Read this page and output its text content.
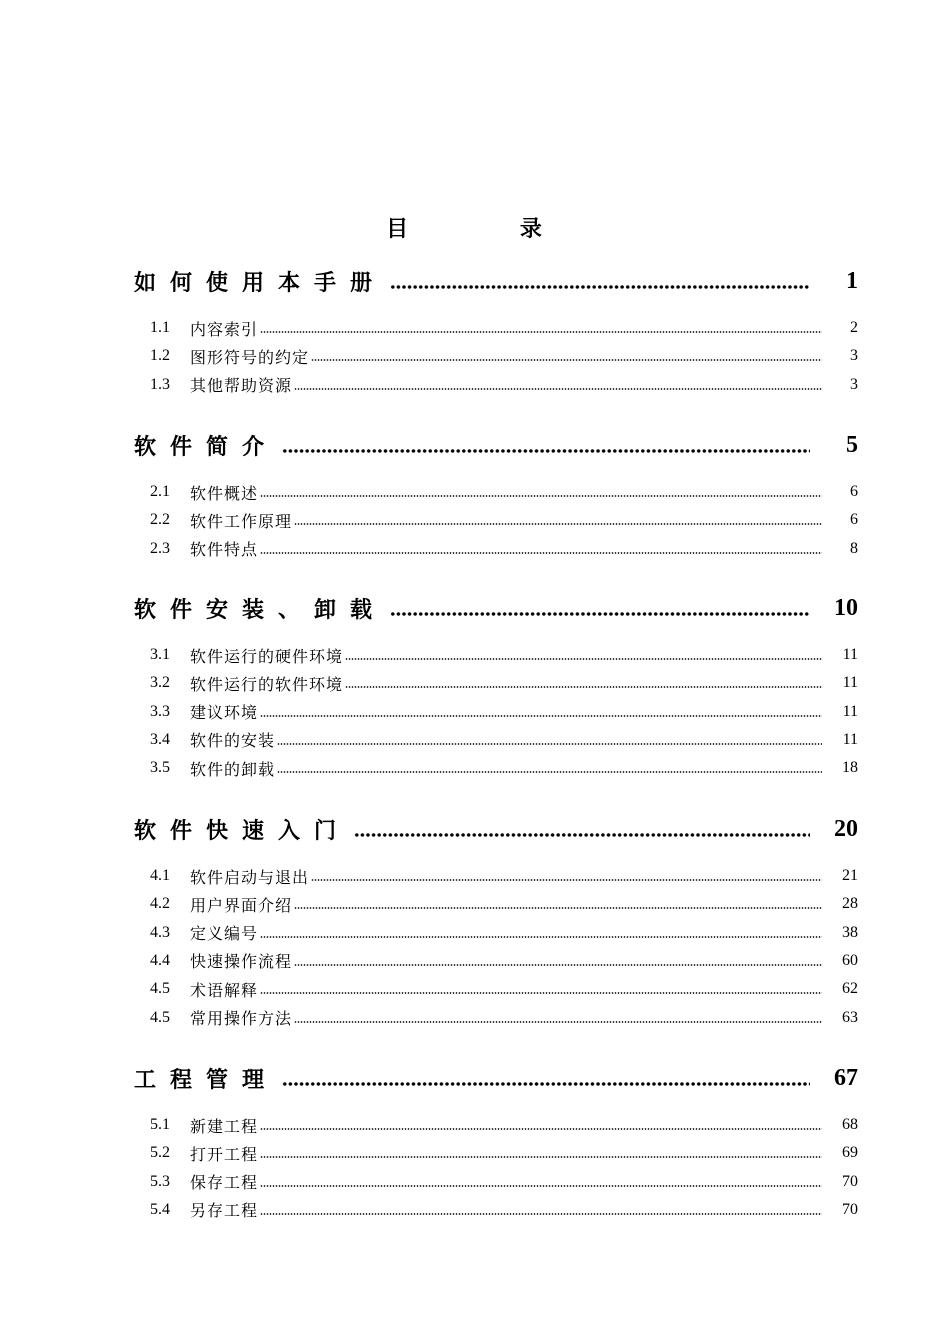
目 录
如何使用本手册	1
1.1	内容索引	2
1.2	图形符号的约定	3
1.3	其他帮助资源	3
软件简介	5
2.1	软件概述	6
2.2	软件工作原理	6
2.3	软件特点	8
软件安装、卸载	10
3.1	软件运行的硬件环境	11
3.2	软件运行的软件环境	11
3.3	建议环境	11
3.4	软件的安装	11
3.5	软件的卸载	18
软件快速入门	20
4.1	软件启动与退出	21
4.2	用户界面介绍	28
4.3	定义编号	38
4.4	快速操作流程	60
4.5	术语解释	62
4.5	常用操作方法	63
工程管理	67
5.1	新建工程	68
5.2	打开工程	69
5.3	保存工程	70
5.4	另存工程	70
